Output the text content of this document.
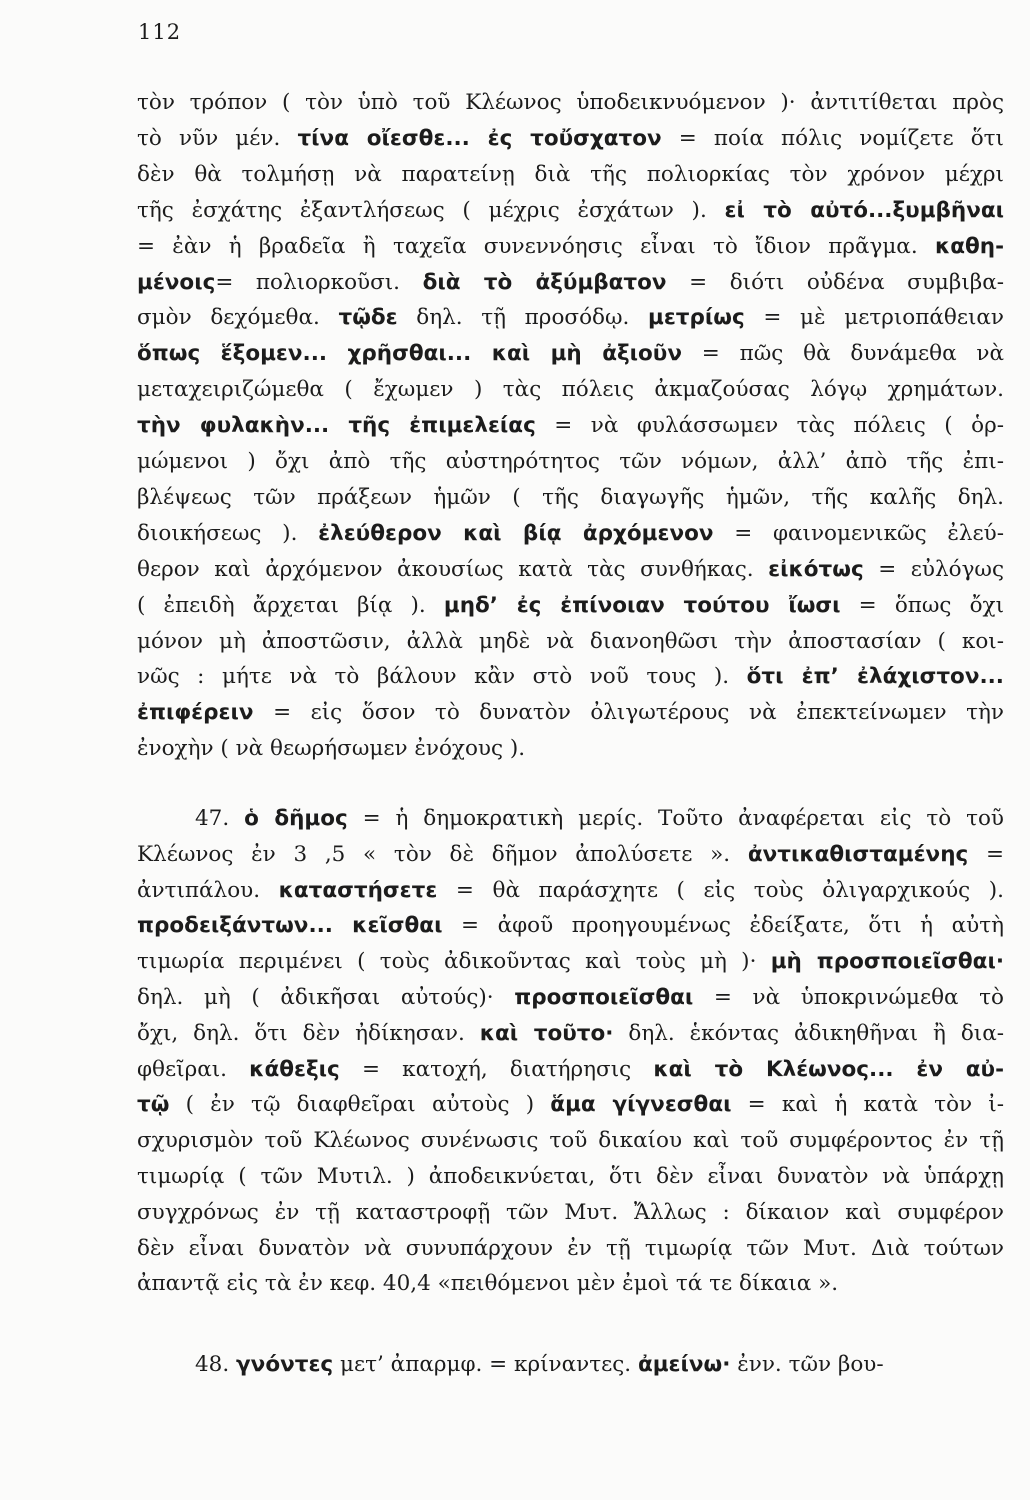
112
τὸν τρόπον ( τὸν ὑπὸ τοῦ Κλέωνος ὑποδεικνυόμενον )· ἀντιτίθεται πρὸς
τὸ νῦν μέν. τίνα οἴεσθε... ἐς τοὔσχατον = ποία πόλις νομίζετε ὅτι
δὲν θὰ τολμήσῃ νὰ παρατείνῃ διὰ τῆς πολιορκίας τὸν χρόνον μέχρι
τῆς ἐσχάτης ἐξαντλήσεως ( μέχρις ἐσχάτων ). εἰ τὸ αὐτό...ξυμβῆναι
= ἐὰν ἡ βραδεῖα ἢ ταχεῖα συνεννόησις εἶναι τὸ ἴδιον πρᾶγμα. καθη-
μένοις= πολιορκοῦσι. διὰ τὸ ἀξύμβατον = διότι οὐδένα συμβιβα-
σμὸν δεχόμεθα. τῷδε δηλ. τῇ προσόδῳ. μετρίως = μὲ μετριοπάθειαν
ὅπως ἕξομεν... χρῆσθαι... καὶ μὴ ἀξιοῦν = πῶς θὰ δυνάμεθα νὰ
μεταχειριζώμεθα ( ἔχωμεν ) τὰς πόλεις ἀκμαζούσας λόγῳ χρημάτων.
τὴν φυλακὴν... τῆς ἐπιμελείας = νὰ φυλάσσωμεν τὰς πόλεις ( ὁρ-
μώμενοι ) ὄχι ἀπὸ τῆς αὐστηρότητος τῶν νόμων, ἀλλ’ ἀπὸ τῆς ἐπι-
βλέψεως τῶν πράξεων ἡμῶν ( τῆς διαγωγῆς ἡμῶν, τῆς καλῆς δηλ.
διοικήσεως ). ἐλεύθερον καὶ βίᾳ ἀρχόμενον = φαινομενικῶς ἐλεύ-
θερον καὶ ἀρχόμενον ἀκουσίως κατὰ τὰς συνθήκας. εἰκότως = εὐλόγως
( ἐπειδὴ ἄρχεται βίᾳ ). μηδ’ ἐς ἐπίνοιαν τούτου ἴωσι = ὅπως ὄχι
μόνον μὴ ἀποστῶσιν, ἀλλὰ μηδὲ νὰ διανοηθῶσι τὴν ἀποστασίαν ( κοι-
νῶς : μήτε νὰ τὸ βάλουν κἂν στὸ νοῦ τους ). ὅτι ἐπ’ ἐλάχιστον...
ἐπιφέρειν = εἰς ὅσον τὸ δυνατὸν ὀλιγωτέρους νὰ ἐπεκτείνωμεν τὴν
ἐνοχὴν ( νὰ θεωρήσωμεν ἐνόχους ).
47. ὁ δῆμος = ἡ δημοκρατικὴ μερίς. Τοῦτο ἀναφέρεται εἰς τὸ τοῦ
Κλέωνος ἐν 3 ,5 « τὸν δὲ δῆμον ἀπολύσετε ». ἀντικαθισταμένης =
ἀντιπάλου. καταστήσετε = θὰ παράσχητε ( εἰς τοὺς ὀλιγαρχικούς ).
προδειξάντων... κεῖσθαι = ἀφοῦ προηγουμένως ἐδείξατε, ὅτι ἡ αὐτὴ
τιμωρία περιμένει ( τοὺς ἀδικοῦντας καὶ τοὺς μὴ )· μὴ προσποιεῖσθαι·
δηλ. μὴ ( ἀδικῆσαι αὐτούς)· προσποιεῖσθαι = νὰ ὑποκρινώμεθα τὸ
ὄχι, δηλ. ὅτι δὲν ἠδίκησαν. καὶ τοῦτο· δηλ. ἑκόντας ἀδικηθῆναι ἢ δια-
φθεῖραι. κάθεξις = κατοχή, διατήρησις καὶ τὸ Κλέωνος... ἐν αὐ-
τῷ ( ἐν τῷ διαφθεῖραι αὐτοὺς ) ἅμα γίγνεσθαι = καὶ ἡ κατὰ τὸν ἰ-
σχυρισμὸν τοῦ Κλέωνος συνένωσις τοῦ δικαίου καὶ τοῦ συμφέροντος ἐν τῇ
τιμωρίᾳ ( τῶν Μυτιλ. ) ἀποδεικνύεται, ὅτι δὲν εἶναι δυνατὸν νὰ ὑπάρχῃ
συγχρόνως ἐν τῇ καταστροφῇ τῶν Μυτ. Ἄλλως : δίκαιον καὶ συμφέρον
δὲν εἶναι δυνατὸν νὰ συνυπάρχουν ἐν τῇ τιμωρίᾳ τῶν Μυτ. Διὰ τούτων
ἀπαντᾷ εἰς τὰ ἐν κεφ. 40,4 «πειθόμενοι μὲν ἐμοὶ τά τε δίκαια ».
48. γνόντες μετ’ ἀπαρμφ. = κρίναντες. ἀμείνω· ἐνν. τῶν βου-
